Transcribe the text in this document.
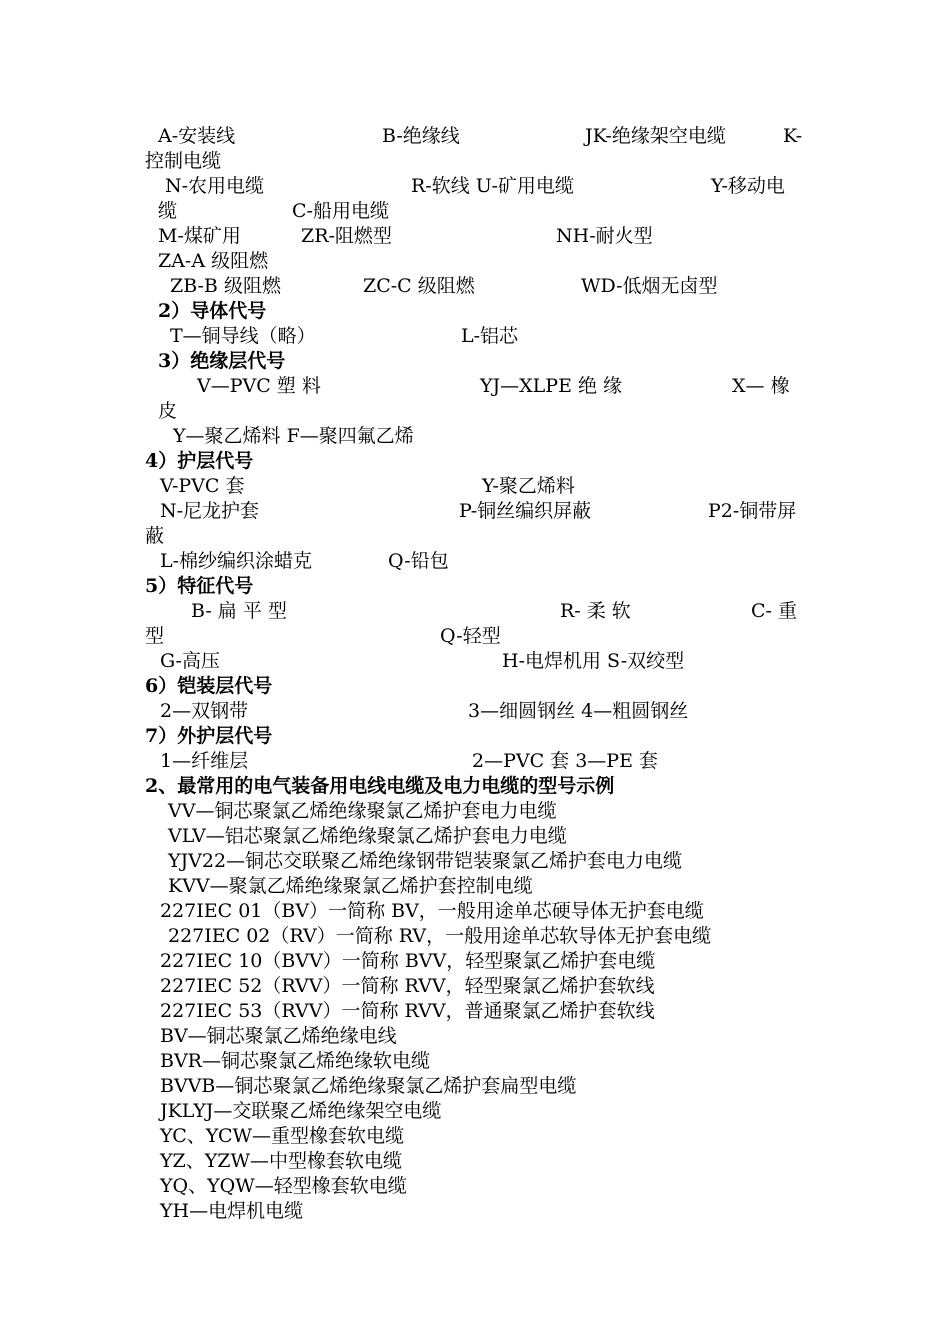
A-安装线	B-绝缘线	JK-绝缘架空电缆	K-
控制电缆
N-农用电缆	R-软线 U-矿用电缆	Y-移动电
缆	C-船用电缆
M-煤矿用	ZR-阻燃型	NH-耐火型
ZA-A 级阻燃
ZB-B 级阻燃	ZC-C 级阻燃	WD-低烟无卤型
2）导体代号
T—铜导线（略）	L-铝芯
3）绝缘层代号
V—PVC 塑 料	YJ—XLPE 绝 缘	X— 橡
皮
Y—聚乙烯料 F—聚四氟乙烯
4）护层代号
V-PVC 套	Y-聚乙烯料
N-尼龙护套	P-铜丝编织屏蔽	P2-铜带屏
蔽
L-棉纱编织涂蜡克	Q-铅包
5）特征代号
B- 扁 平 型	R- 柔 软	C- 重
型	Q-轻型
G-高压	H-电焊机用 S-双绞型
6）铠装层代号
2—双钢带	3—细圆钢丝 4—粗圆钢丝
7）外护层代号
1—纤维层	2—PVC 套 3—PE 套
2、最常用的电气装备用电线电缆及电力电缆的型号示例
VV—铜芯聚氯乙烯绝缘聚氯乙烯护套电力电缆
VLV—铝芯聚氯乙烯绝缘聚氯乙烯护套电力电缆
YJV22—铜芯交联聚乙烯绝缘钢带铠装聚氯乙烯护套电力电缆
KVV—聚氯乙烯绝缘聚氯乙烯护套控制电缆
227IEC 01（BV）一简称 BV，一般用途单芯硬导体无护套电缆
227IEC 02（RV）一简称 RV，一般用途单芯软导体无护套电缆
227IEC 10（BVV）一简称 BVV，轻型聚氯乙烯护套电缆
227IEC 52（RVV）一简称 RVV，轻型聚氯乙烯护套软线
227IEC 53（RVV）一简称 RVV，普通聚氯乙烯护套软线
BV—铜芯聚氯乙烯绝缘电线
BVR—铜芯聚氯乙烯绝缘软电缆
BVVB—铜芯聚氯乙烯绝缘聚氯乙烯护套扁型电缆
JKLYJ—交联聚乙烯绝缘架空电缆
YC、YCW—重型橡套软电缆
YZ、YZW—中型橡套软电缆
YQ、YQW—轻型橡套软电缆
YH—电焊机电缆
